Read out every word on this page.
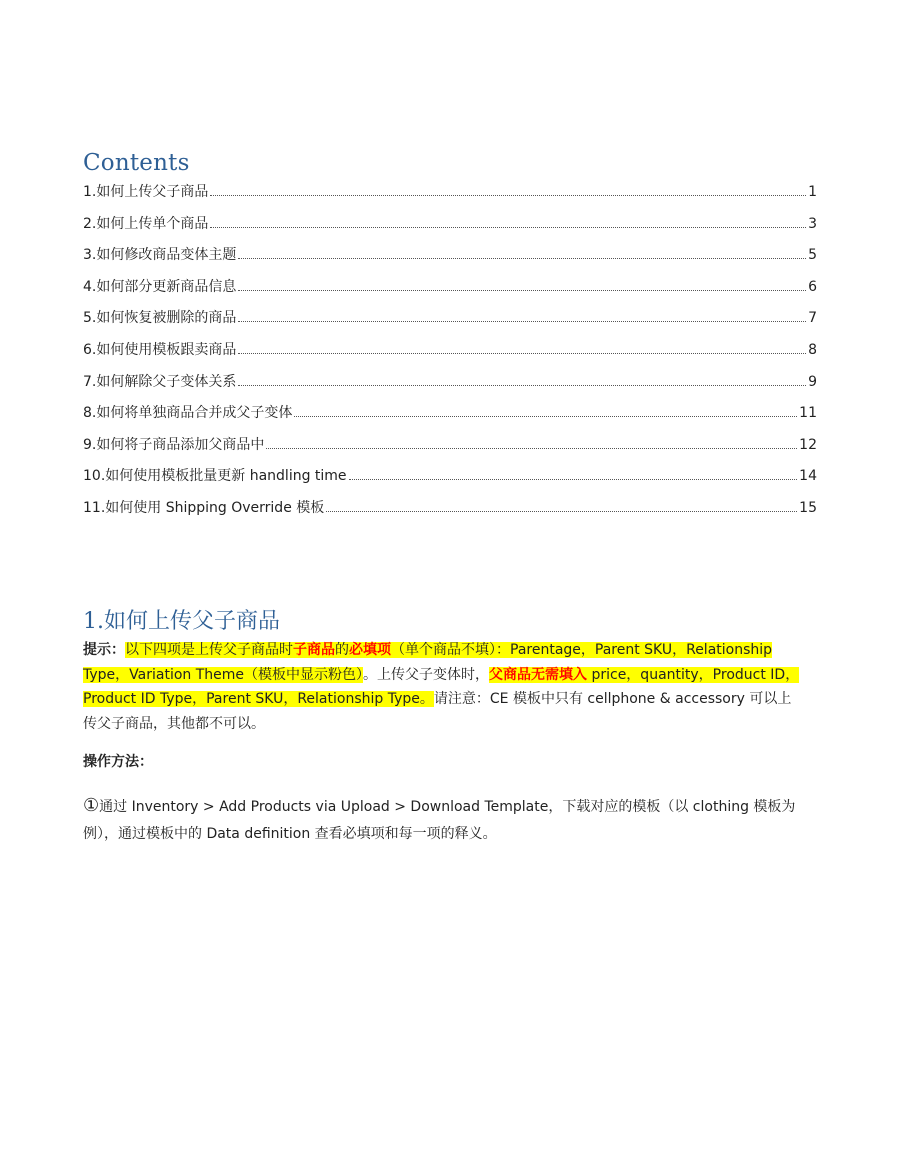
Contents
1.如何上传父子商品	1
2.如何上传单个商品	3
3.如何修改商品变体主题	5
4.如何部分更新商品信息	6
5.如何恢复被删除的商品	7
6.如何使用模板跟卖商品	8
7.如何解除父子变体关系	9
8.如何将单独商品合并成父子变体	11
9.如何将子商品添加父商品中	12
10.如何使用模板批量更新 handling time	14
11.如何使用 Shipping Override 模板	15
1.如何上传父子商品
提示：以下四项是上传父子商品时子商品的必填项（单个商品不填）：Parentage，Parent SKU，Relationship Type，Variation Theme（模板中显示粉色）。上传父子变体时，父商品无需填入 price，quantity，Product ID，Product ID Type，Parent SKU，Relationship Type。请注意：CE 模板中只有 cellphone & accessory 可以上传父子商品，其他都不可以。
操作方法：
①通过 Inventory > Add Products via Upload > Download Template，下载对应的模板（以 clothing 模板为例），通过模板中的 Data definition 查看必填项和每一项的释义。
